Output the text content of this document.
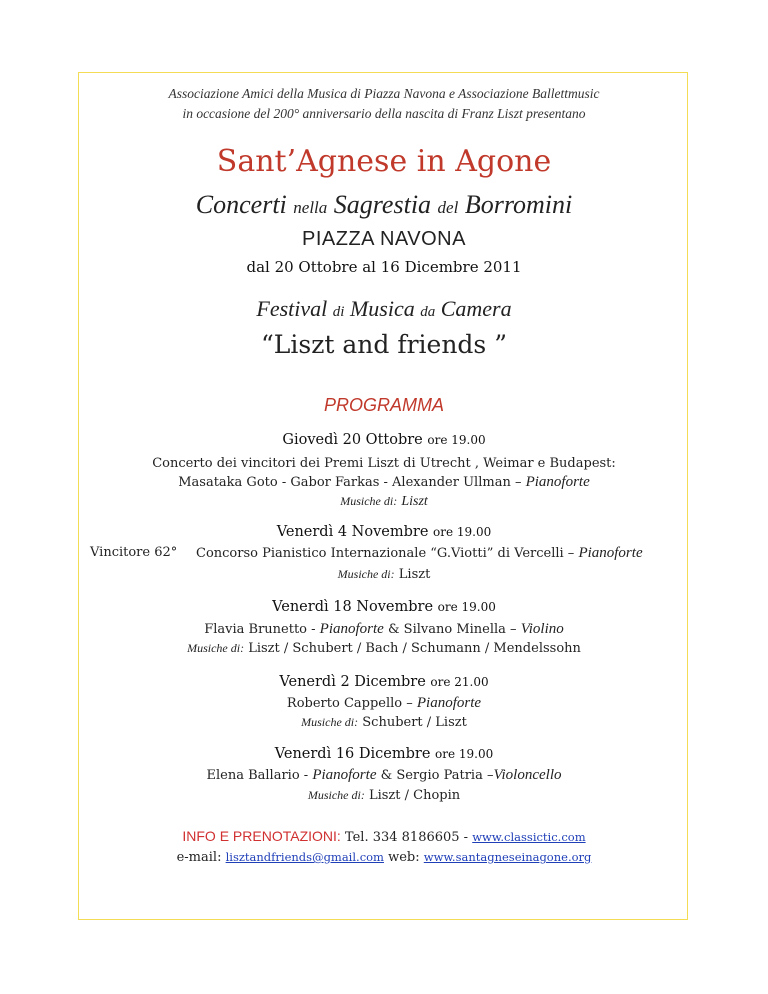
Associazione Amici della Musica di Piazza Navona e Associazione Ballettmusic
in occasione del 200° anniversario della nascita di Franz Liszt presentano
Sant’Agnese in Agone
Concerti nella Sagrestia del Borromini
PIAZZA NAVONA
dal 20 Ottobre al 16 Dicembre 2011
Festival di Musica da Camera
“Liszt and friends ”
PROGRAMMA
Giovedì 20 Ottobre ore 19.00
Concerto dei vincitori dei Premi Liszt di Utrecht , Weimar e Budapest:
Masataka Goto - Gabor Farkas - Alexander Ullman – Pianoforte
Musiche di: Liszt
Venerdì 4 Novembre ore 19.00
Vincitore 62° Concorso Pianistico Internazionale “G.Viotti” di Vercelli – Pianoforte
Musiche di: Liszt
Venerdì 18 Novembre ore 19.00
Flavia Brunetto - Pianoforte & Silvano Minella – Violino
Musiche di: Liszt / Schubert / Bach / Schumann / Mendelssohn
Venerdì 2 Dicembre ore 21.00
Roberto Cappello – Pianoforte
Musiche di: Schubert / Liszt
Venerdì 16 Dicembre ore 19.00
Elena Ballario - Pianoforte & Sergio Patria –Violoncello
Musiche di: Liszt / Chopin
INFO E PRENOTAZIONI: Tel. 334 8186605 - www.classictic.com
e-mail: lisztandfriends@gmail.com web: www.santagneseinagone.org
